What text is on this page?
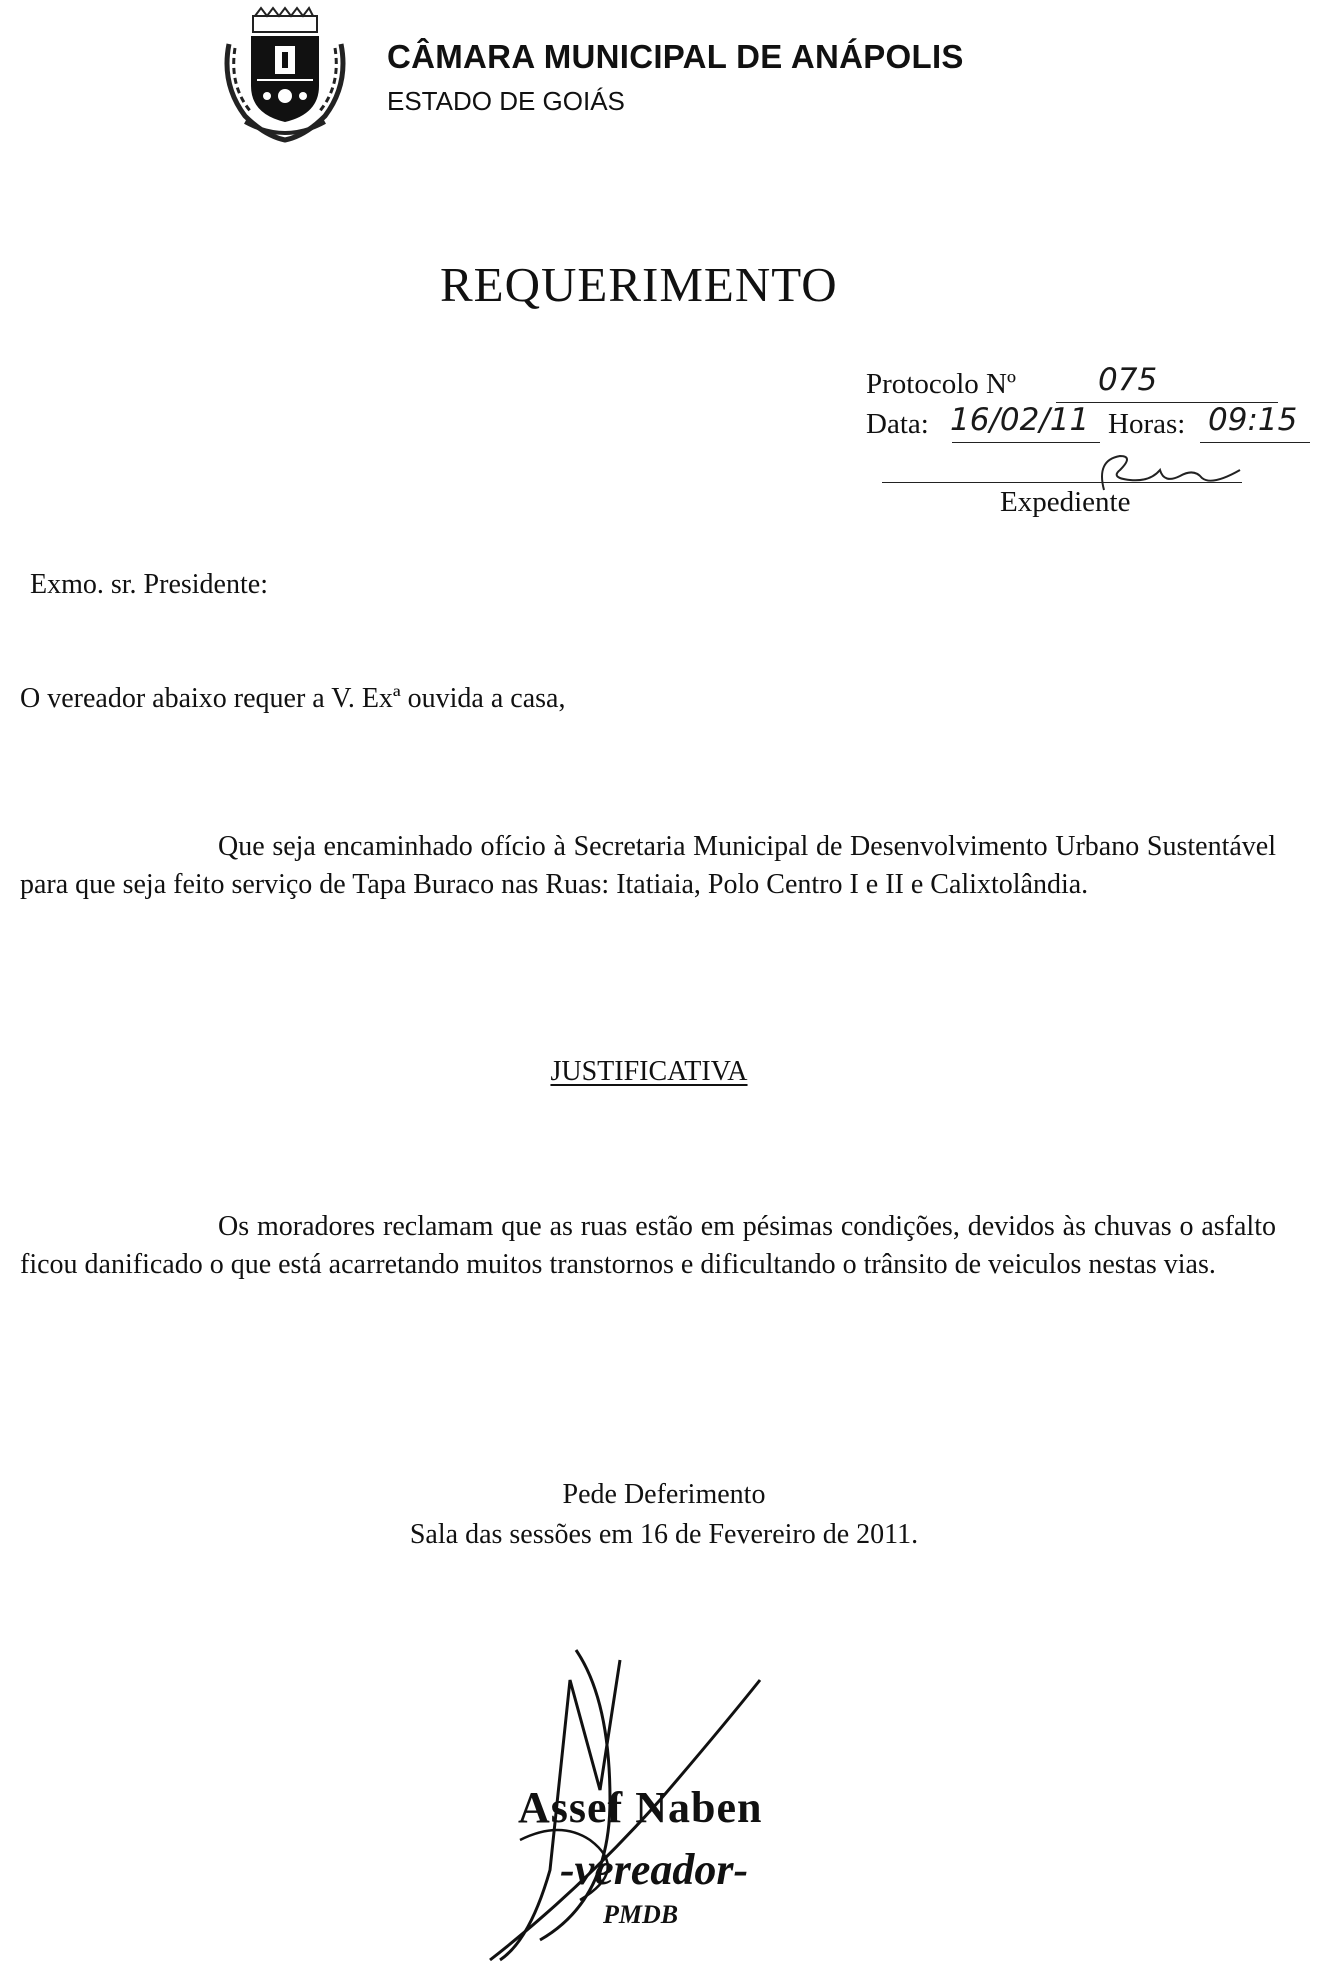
CÂMARA MUNICIPAL DE ANÁPOLIS
ESTADO DE GOIÁS
REQUERIMENTO
Protocolo Nº	075
Data: 16/02/11 Horas: 09:15
Expediente
Exmo. sr. Presidente:
O vereador abaixo requer a V. Exª ouvida a casa,

Que seja encaminhado ofício à Secretaria Municipal de Desenvolvimento Urbano Sustentável para que seja feito serviço de Tapa Buraco nas Ruas: Itatiaia, Polo Centro I e II e Calixtolândia.

JUSTIFICATIVA

Os moradores reclamam que as ruas estão em pésimas condições, devidos às chuvas o asfalto ficou danificado o que está acarretando muitos transtornos e dificultando o trânsito de veiculos nestas vias.

Pede Deferimento
Sala das sessões em 16 de Fevereiro de 2011.
Assef Naben
-vereador-
PMDB
